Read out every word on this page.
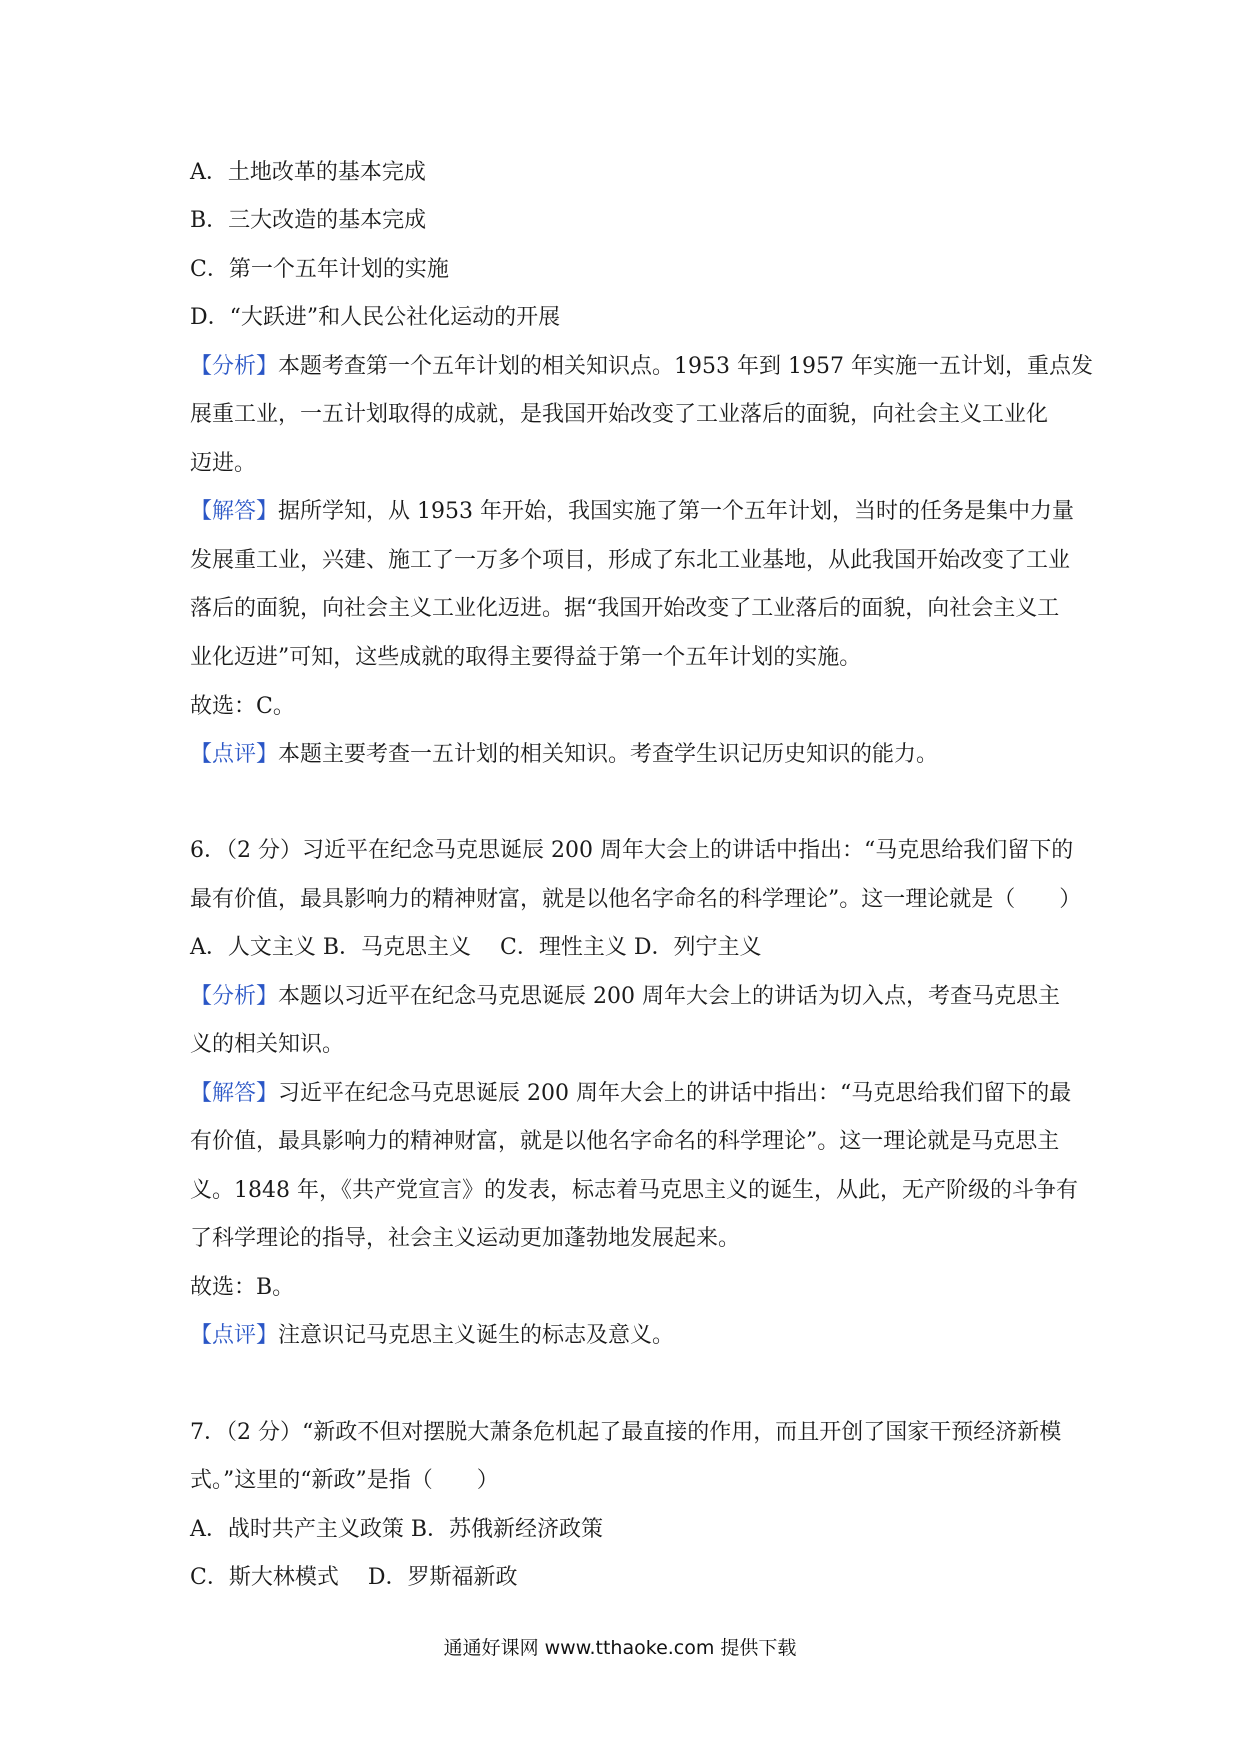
A．土地改革的基本完成
B．三大改造的基本完成
C．第一个五年计划的实施
D．“大跃进”和人民公社化运动的开展
【分析】本题考查第一个五年计划的相关知识点。1953 年到 1957 年实施一五计划，重点发
展重工业，一五计划取得的成就，是我国开始改变了工业落后的面貌，向社会主义工业化
迈进。
【解答】据所学知，从 1953 年开始，我国实施了第一个五年计划，当时的任务是集中力量
发展重工业，兴建、施工了一万多个项目，形成了东北工业基地，从此我国开始改变了工业
落后的面貌，向社会主义工业化迈进。据“我国开始改变了工业落后的面貌，向社会主义工
业化迈进”可知，这些成就的取得主要得益于第一个五年计划的实施。
故选：C。
【点评】本题主要考查一五计划的相关知识。考查学生识记历史知识的能力。
6．（2 分）习近平在纪念马克思诞辰 200 周年大会上的讲话中指出：“马克思给我们留下的
最有价值，最具影响力的精神财富，就是以他名字命名的科学理论”。这一理论就是（　　）
A．人文主义 B．马克思主义　 C．理性主义 D．列宁主义
【分析】本题以习近平在纪念马克思诞辰 200 周年大会上的讲话为切入点，考查马克思主
义的相关知识。
【解答】习近平在纪念马克思诞辰 200 周年大会上的讲话中指出：“马克思给我们留下的最
有价值，最具影响力的精神财富，就是以他名字命名的科学理论”。这一理论就是马克思主
义。1848 年，《共产党宣言》的发表，标志着马克思主义的诞生，从此，无产阶级的斗争有
了科学理论的指导，社会主义运动更加蓬勃地发展起来。
故选：B。
【点评】注意识记马克思主义诞生的标志及意义。
7．（2 分）“新政不但对摆脱大萧条危机起了最直接的作用，而且开创了国家干预经济新模
式。”这里的“新政”是指（　　）
A．战时共产主义政策 B．苏俄新经济政策
C．斯大林模式　 D．罗斯福新政
通通好课网 www.tthaoke.com 提供下载
